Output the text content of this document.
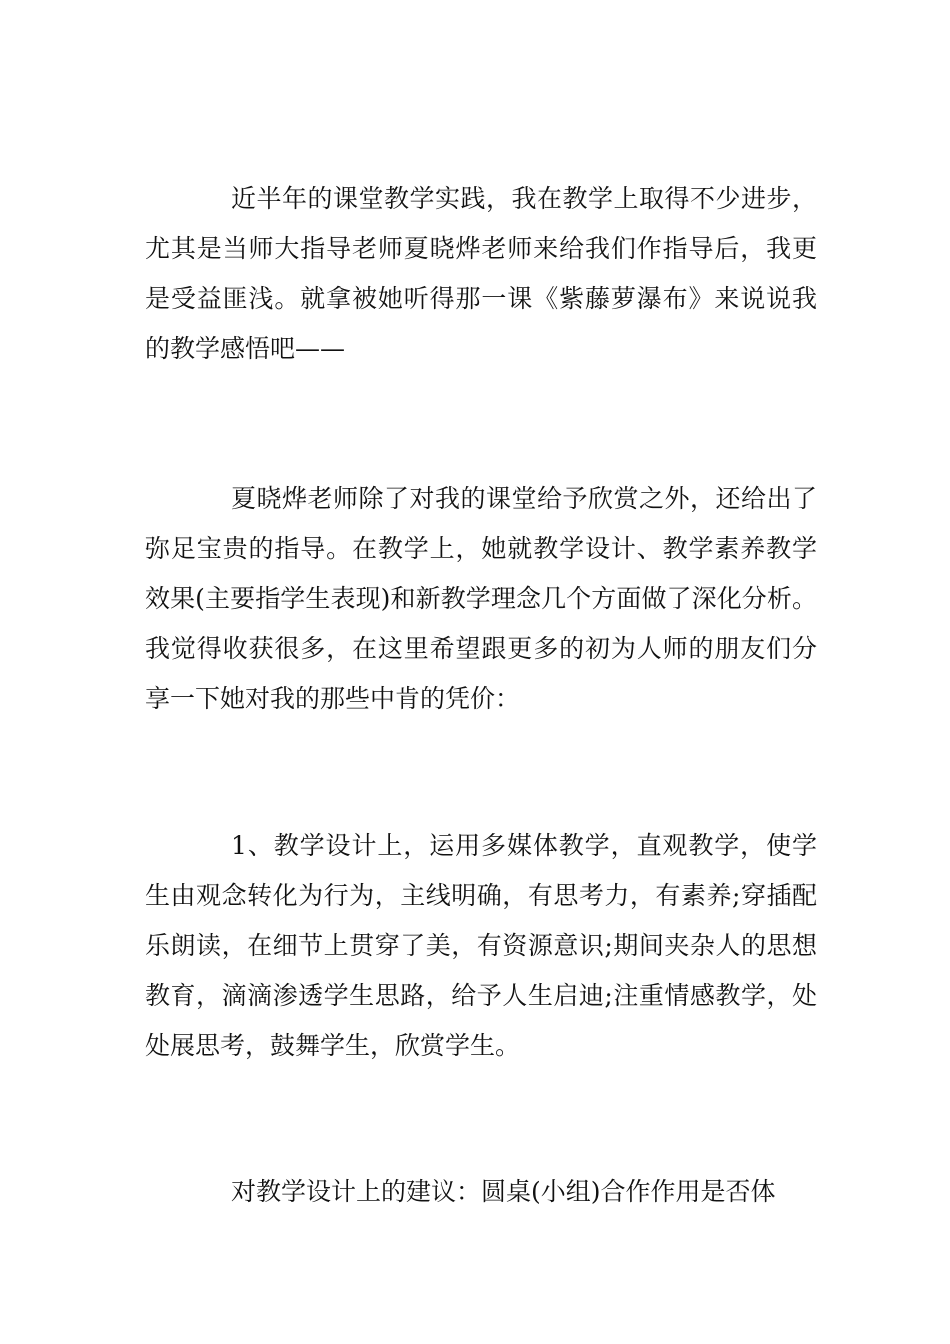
近半年的课堂教学实践，我在教学上取得不少进步，尤其是当师大指导老师夏晓烨老师来给我们作指导后，我更是受益匪浅。就拿被她听得那一课《紫藤萝瀑布》来说说我的教学感悟吧——

夏晓烨老师除了对我的课堂给予欣赏之外，还给出了弥足宝贵的指导。在教学上，她就教学设计、教学素养教学效果(主要指学生表现)和新教学理念几个方面做了深化分析。我觉得收获很多，在这里希望跟更多的初为人师的朋友们分享一下她对我的那些中肯的凭价：

1、教学设计上，运用多媒体教学，直观教学，使学生由观念转化为行为，主线明确，有思考力，有素养;穿插配乐朗读，在细节上贯穿了美，有资源意识;期间夹杂人的思想教育，滴滴渗透学生思路，给予人生启迪;注重情感教学，处处展思考，鼓舞学生，欣赏学生。

对教学设计上的建议：圆桌(小组)合作作用是否体
